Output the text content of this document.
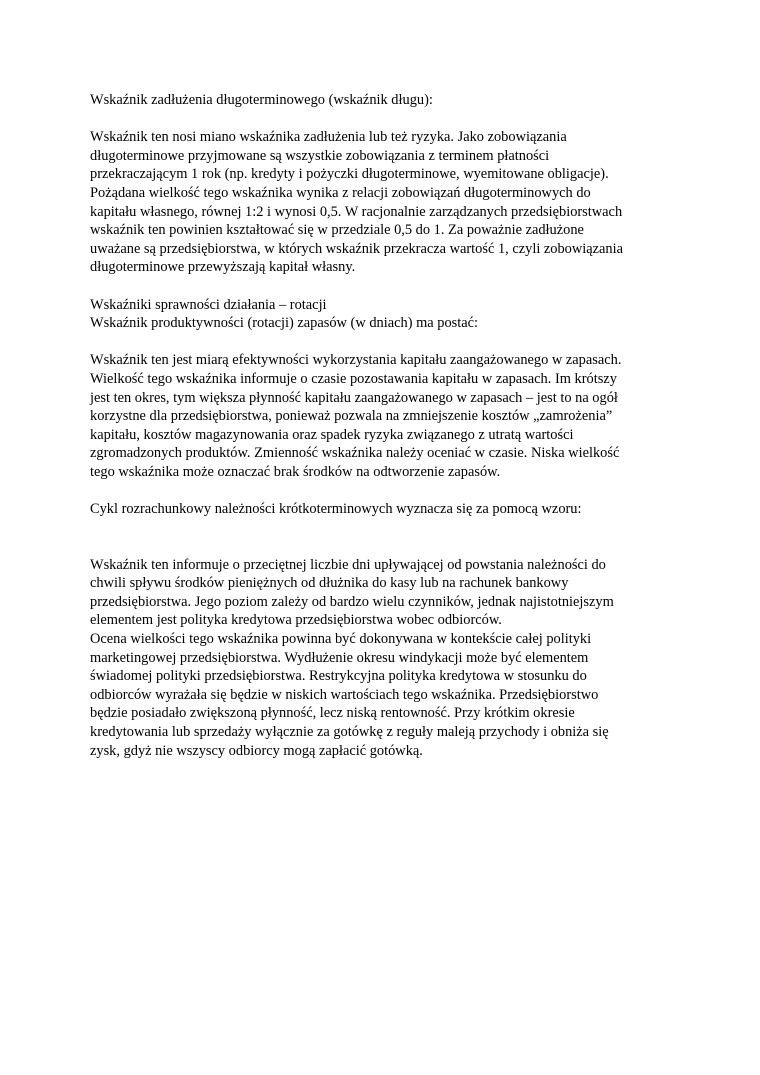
Wskaźnik zadłużenia długoterminowego (wskaźnik długu):

Wskaźnik ten nosi miano wskaźnika zadłużenia lub też ryzyka. Jako zobowiązania
długoterminowe przyjmowane są wszystkie zobowiązania z terminem płatności
przekraczającym 1 rok (np. kredyty i pożyczki długoterminowe, wyemitowane obligacje).
Pożądana wielkość tego wskaźnika wynika z relacji zobowiązań długoterminowych do
kapitału własnego, równej 1:2 i wynosi 0,5. W racjonalnie zarządzanych przedsiębiorstwach
wskaźnik ten powinien kształtować się w przedziale 0,5 do 1. Za poważnie zadłużone
uważane są przedsiębiorstwa, w których wskaźnik przekracza wartość 1, czyli zobowiązania
długoterminowe przewyższają kapitał własny.

Wskaźniki sprawności działania – rotacji

Wskaźnik produktywności (rotacji) zapasów (w dniach) ma postać:

Wskaźnik ten jest miarą efektywności wykorzystania kapitału zaangażowanego w zapasach.
Wielkość tego wskaźnika informuje o czasie pozostawania kapitału w zapasach. Im krótszy
jest ten okres, tym większa płynność kapitału zaangażowanego w zapasach – jest to na ogół
korzystne dla przedsiębiorstwa, ponieważ pozwala na zmniejszenie kosztów „zamrożenia”
kapitału, kosztów magazynowania oraz spadek ryzyka związanego z utratą wartości
zgromadzonych produktów. Zmienność wskaźnika należy oceniać w czasie. Niska wielkość
tego wskaźnika może oznaczać brak środków na odtworzenie zapasów.

Cykl rozrachunkowy należności krótkoterminowych wyznacza się za pomocą wzoru:

Wskaźnik ten informuje o przeciętnej liczbie dni upływającej od powstania należności do
chwili spływu środków pieniężnych od dłużnika do kasy lub na rachunek bankowy
przedsiębiorstwa. Jego poziom zależy od bardzo wielu czynników, jednak najistotniejszym
elementem jest polityka kredytowa przedsiębiorstwa wobec odbiorców.
Ocena wielkości tego wskaźnika powinna być dokonywana w kontekście całej polityki
marketingowej przedsiębiorstwa. Wydłużenie okresu windykacji może być elementem
świadomej polityki przedsiębiorstwa. Restrykcyjna polityka kredytowa w stosunku do
odbiorców wyrażała się będzie w niskich wartościach tego wskaźnika. Przedsiębiorstwo
będzie posiadało zwiększoną płynność, lecz niską rentowność. Przy krótkim okresie
kredytowania lub sprzedaży wyłącznie za gotówkę z reguły maleją przychody i obniża się
zysk, gdyż nie wszyscy odbiorcy mogą zapłacić gotówką.
